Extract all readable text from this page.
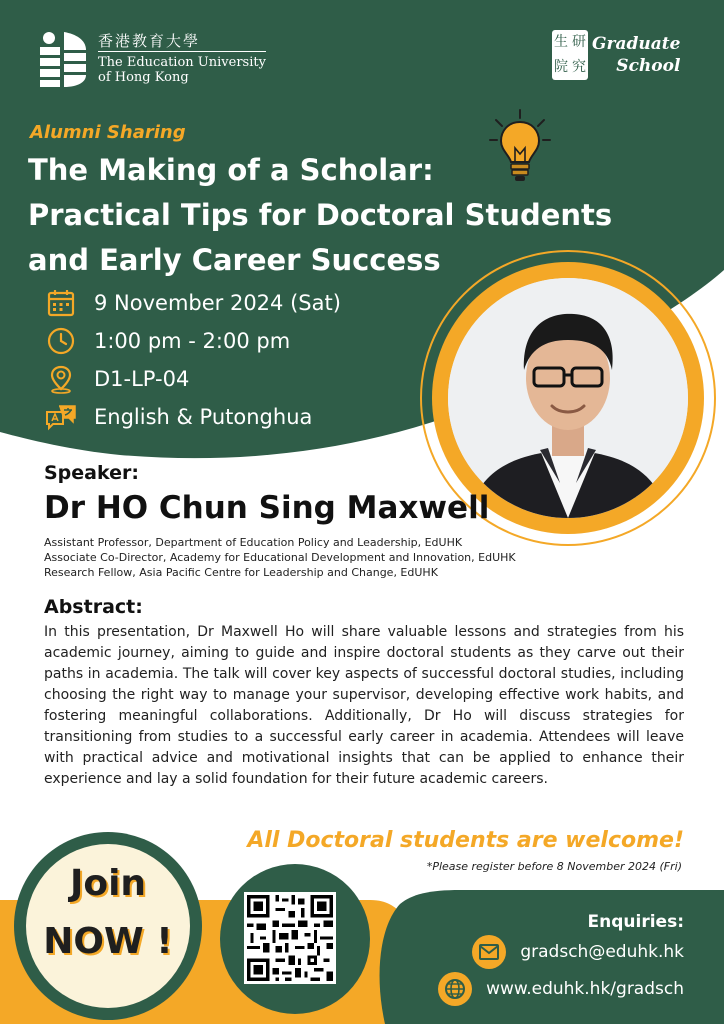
香港教育大學
The Education University
of Hong Kong
生 研
院 究
Graduate
School
Alumni Sharing
The Making of a Scholar:
Practical Tips for Doctoral Students
and Early Career Success
9 November 2024 (Sat)
1:00 pm - 2:00 pm
D1-LP-04
English & Putonghua
Speaker:
Dr HO Chun Sing Maxwell
Assistant Professor, Department of Education Policy and Leadership, EdUHK
Associate Co-Director, Academy for Educational Development and Innovation, EdUHK
Research Fellow, Asia Pacific Centre for Leadership and Change, EdUHK
Abstract:
In this presentation, Dr Maxwell Ho will share valuable lessons and strategies from his academic journey, aiming to guide and inspire doctoral students as they carve out their paths in academia. The talk will cover key aspects of successful doctoral studies, including choosing the right way to manage your supervisor, developing effective work habits, and fostering meaningful collaborations. Additionally, Dr Ho will discuss strategies for transitioning from studies to a successful early career in academia. Attendees will leave with practical advice and motivational insights that can be applied to enhance their experience and lay a solid foundation for their future academic careers.
All Doctoral students are welcome!
*Please register before 8 November 2024 (Fri)
Join
NOW !	Enquiries:
gradsch@eduhk.hk
www.eduhk.hk/gradsch
